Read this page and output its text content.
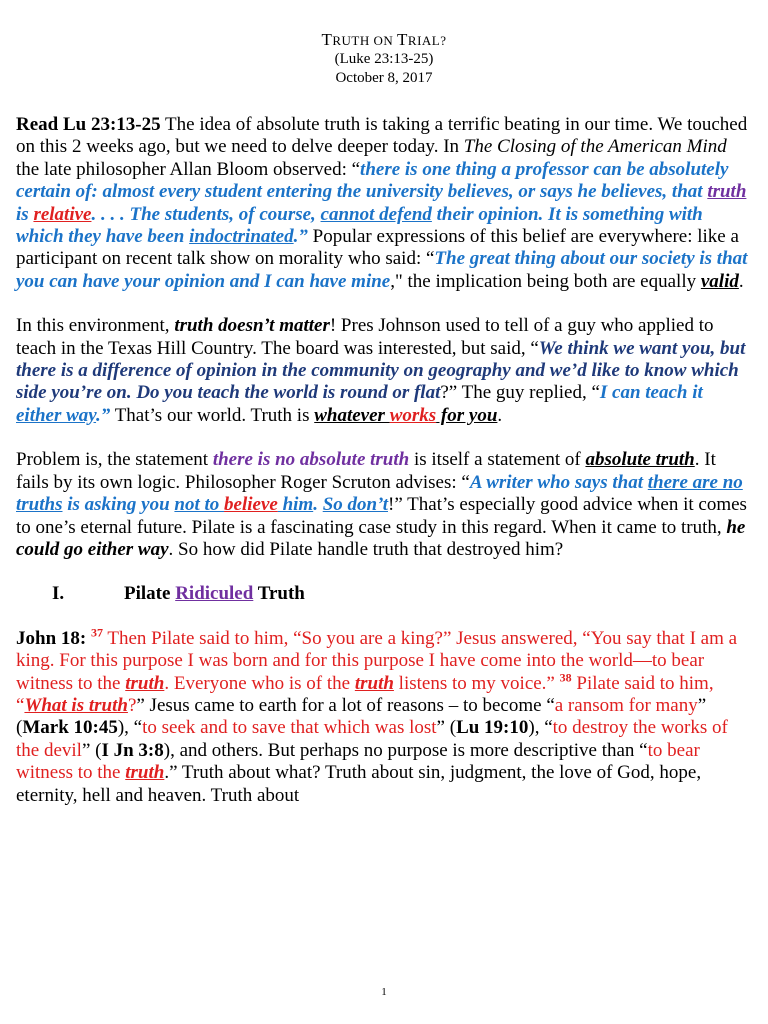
TRUTH ON TRIAL?
(Luke 23:13-25)
October 8, 2017

Read Lu 23:13-25 The idea of absolute truth is taking a terrific beating in our time. We touched on this 2 weeks ago, but we need to delve deeper today. In The Closing of the American Mind the late philosopher Allan Bloom observed: “there is one thing a professor can be absolutely certain of: almost every student entering the university believes, or says he believes, that truth is relative. . . . The students, of course, cannot defend their opinion. It is something with which they have been indoctrinated.” Popular expressions of this belief are everywhere: like a participant on recent talk show on morality who said: “The great thing about our society is that you can have your opinion and I can have mine," the implication being both are equally valid.

In this environment, truth doesn’t matter! Pres Johnson used to tell of a guy who applied to teach in the Texas Hill Country. The board was interested, but said, “We think we want you, but there is a difference of opinion in the community on geography and we’d like to know which side you’re on. Do you teach the world is round or flat?” The guy replied, “I can teach it either way.” That’s our world. Truth is whatever works for you.

Problem is, the statement there is no absolute truth is itself a statement of absolute truth. It fails by its own logic. Philosopher Roger Scruton advises: “A writer who says that there are no truths is asking you not to believe him. So don’t!” That’s especially good advice when it comes to one’s eternal future. Pilate is a fascinating case study in this regard. When it came to truth, he could go either way. So how did Pilate handle truth that destroyed him?

I.	Pilate Ridiculed Truth

John 18: $^{37}$ Then Pilate said to him, “So you are a king?” Jesus answered, “You say that I am a king. For this purpose I was born and for this purpose I have come into the world—to bear witness to the truth. Everyone who is of the truth listens to my voice.” $^{38}$ Pilate said to him, “What is truth?” Jesus came to earth for a lot of reasons – to become “a ransom for many” (Mark 10:45), “to seek and to save that which was lost” (Lu 19:10), “to destroy the works of the devil” (I Jn 3:8), and others. But perhaps no purpose is more descriptive than “to bear witness to the truth.” Truth about what? Truth about sin, judgment, the love of God, hope, eternity, hell and heaven. Truth about

1
